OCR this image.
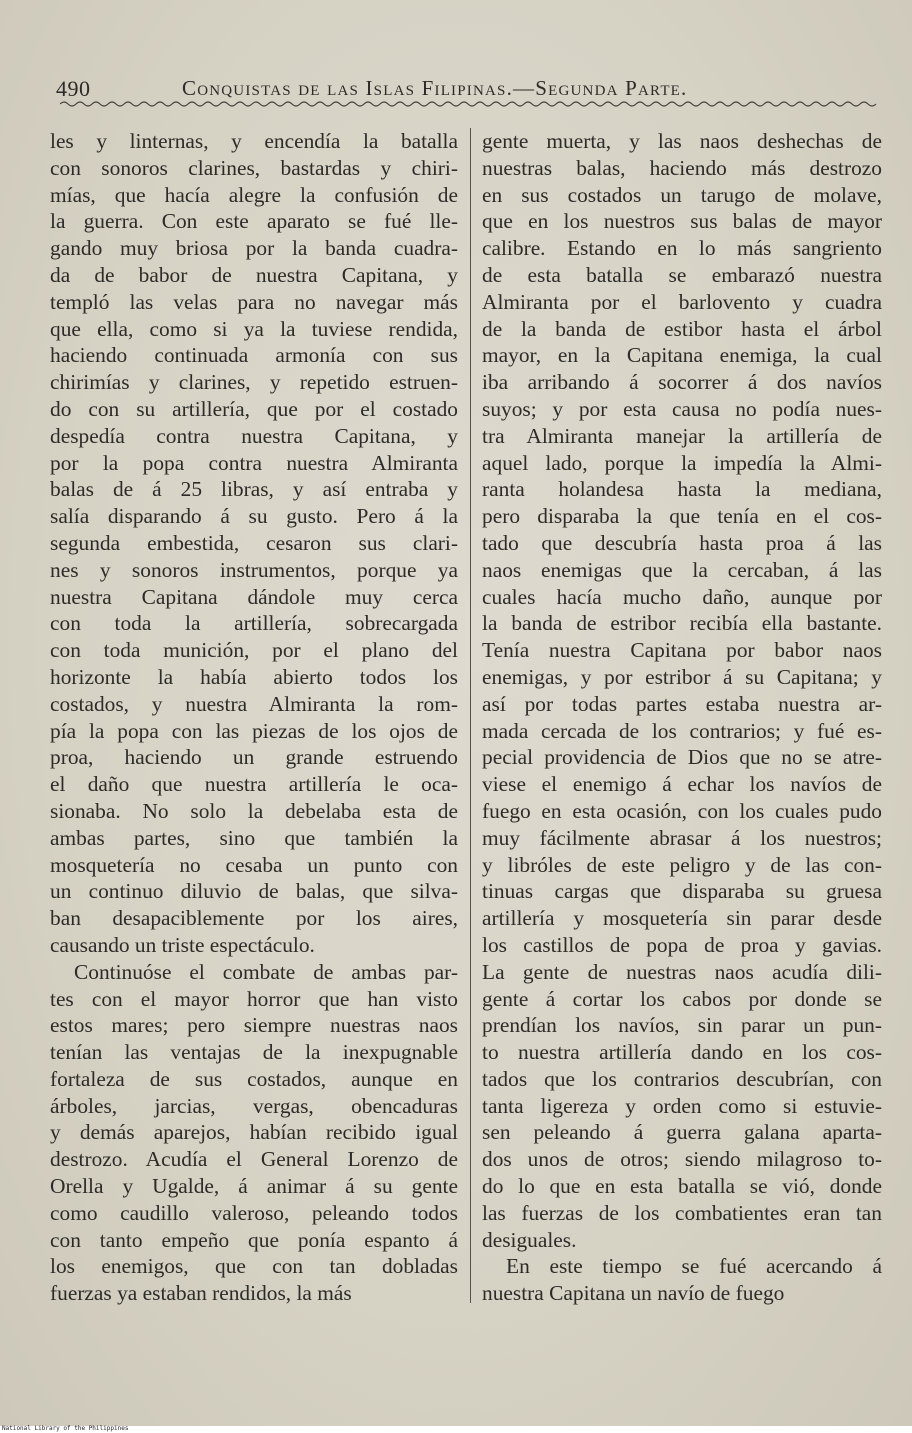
490	Conquistas de las Islas Filipinas.—Segunda Parte.
les y linternas, y encendía la batalla
con sonoros clarines, bastardas y chiri-
mías, que hacía alegre la confusión de
la guerra. Con este aparato se fué lle-
gando muy briosa por la banda cuadra-
da de babor de nuestra Capitana, y
templó las velas para no navegar más
que ella, como si ya la tuviese rendida,
haciendo continuada armonía con sus
chirimías y clarines, y repetido estruen-
do con su artillería, que por el costado
despedía contra nuestra Capitana, y
por la popa contra nuestra Almiranta
balas de á 25 libras, y así entraba y
salía disparando á su gusto. Pero á la
segunda embestida, cesaron sus clari-
nes y sonoros instrumentos, porque ya
nuestra Capitana dándole muy cerca
con toda la artillería, sobrecargada
con toda munición, por el plano del
horizonte la había abierto todos los
costados, y nuestra Almiranta la rom-
pía la popa con las piezas de los ojos de
proa, haciendo un grande estruendo
el daño que nuestra artillería le oca-
sionaba. No solo la debelaba esta de
ambas partes, sino que también la
mosquetería no cesaba un punto con
un continuo diluvio de balas, que silva-
ban desapaciblemente por los aires,
causando un triste espectáculo.
Continuóse el combate de ambas par-
tes con el mayor horror que han visto
estos mares; pero siempre nuestras naos
tenían las ventajas de la inexpugnable
fortaleza de sus costados, aunque en
árboles, jarcias, vergas, obencaduras
y demás aparejos, habían recibido igual
destrozo. Acudía el General Lorenzo de
Orella y Ugalde, á animar á su gente
como caudillo valeroso, peleando todos
con tanto empeño que ponía espanto á
los enemigos, que con tan dobladas
fuerzas ya estaban rendidos, la más
gente muerta, y las naos deshechas de
nuestras balas, haciendo más destrozo
en sus costados un tarugo de molave,
que en los nuestros sus balas de mayor
calibre. Estando en lo más sangriento
de esta batalla se embarazó nuestra
Almiranta por el barlovento y cuadra
de la banda de estibor hasta el árbol
mayor, en la Capitana enemiga, la cual
iba arribando á socorrer á dos navíos
suyos; y por esta causa no podía nues-
tra Almiranta manejar la artillería de
aquel lado, porque la impedía la Almi-
ranta holandesa hasta la mediana,
pero disparaba la que tenía en el cos-
tado que descubría hasta proa á las
naos enemigas que la cercaban, á las
cuales hacía mucho daño, aunque por
la banda de estribor recibía ella bastante.
Tenía nuestra Capitana por babor naos
enemigas, y por estribor á su Capitana; y
así por todas partes estaba nuestra ar-
mada cercada de los contrarios; y fué es-
pecial providencia de Dios que no se atre-
viese el enemigo á echar los navíos de
fuego en esta ocasión, con los cuales pudo
muy fácilmente abrasar á los nuestros;
y libróles de este peligro y de las con-
tinuas cargas que disparaba su gruesa
artillería y mosquetería sin parar desde
los castillos de popa de proa y gavias.
La gente de nuestras naos acudía dili-
gente á cortar los cabos por donde se
prendían los navíos, sin parar un pun-
to nuestra artillería dando en los cos-
tados que los contrarios descubrían, con
tanta ligereza y orden como si estuvie-
sen peleando á guerra galana aparta-
dos unos de otros; siendo milagroso to-
do lo que en esta batalla se vió, donde
las fuerzas de los combatientes eran tan
desiguales.
En este tiempo se fué acercando á
nuestra Capitana un navío de fuego
National Library of the Philippines
